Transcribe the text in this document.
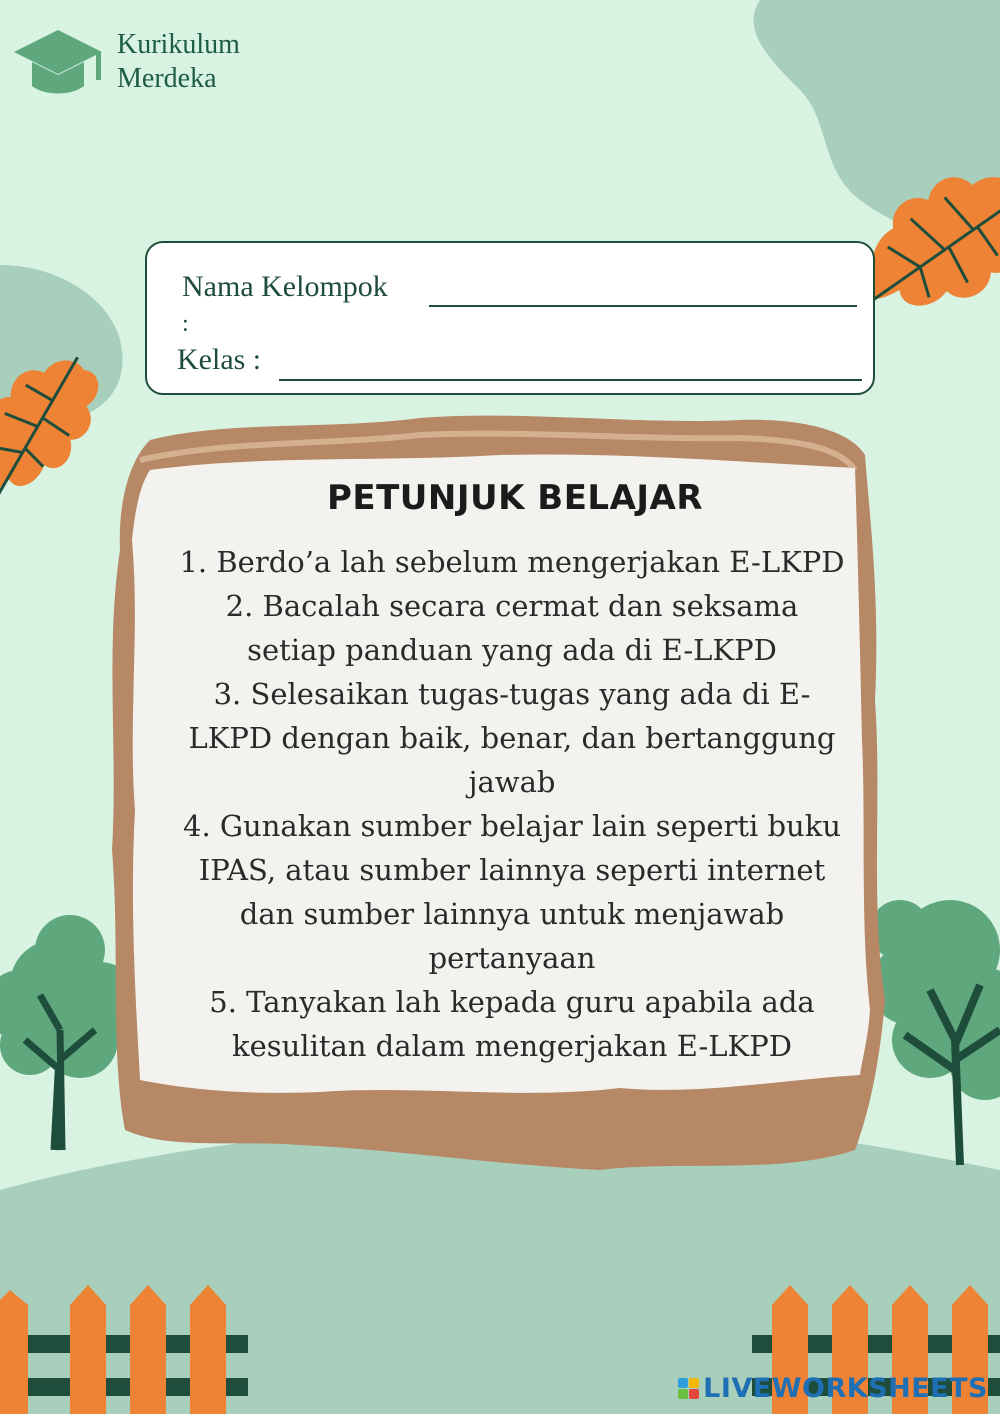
Kurikulum
Merdeka
Nama Kelompok
:
Kelas :
PETUNJUK BELAJAR
1. Berdo’a lah sebelum mengerjakan E-LKPD
2. Bacalah secara cermat dan seksama setiap panduan yang ada di E-LKPD
3. Selesaikan tugas-tugas yang ada di E-LKPD dengan baik, benar, dan bertanggung jawab
4. Gunakan sumber belajar lain seperti buku IPAS, atau sumber lainnya seperti internet dan sumber lainnya untuk menjawab pertanyaan
5. Tanyakan lah kepada guru apabila ada kesulitan dalam mengerjakan E-LKPD
LIVEWORKSHEETS
